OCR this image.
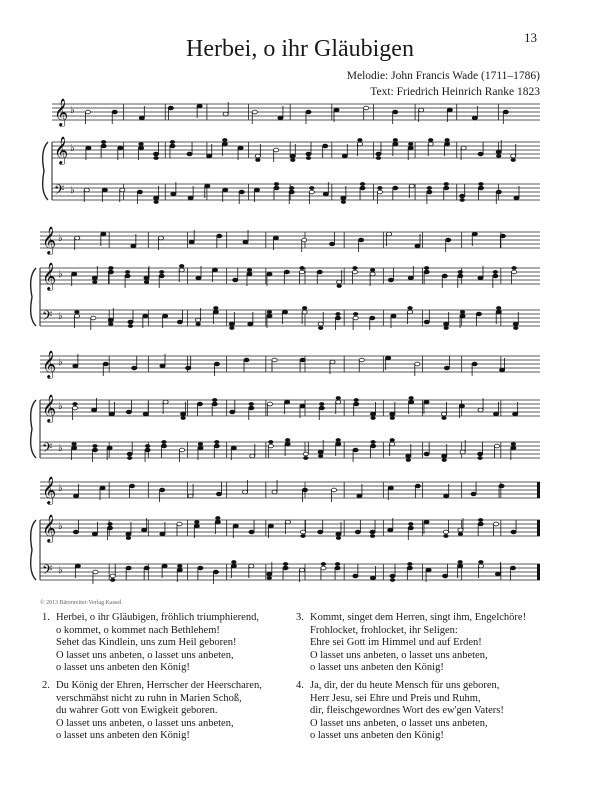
13
Herbei, o ihr Gläubigen
Melodie: John Francis Wade (1711–1786)
Text: Friedrich Heinrich Ranke 1823
𝄞 ♭
𝄞 ♭
𝄢 ♭
𝄞 ♭
𝄞 ♭
𝄢 ♭
𝄞 ♭
𝄞 ♭
𝄢 ♭
𝄞 ♭
𝄞 ♭
𝄢 ♭
© 2013 Bärenreiter-Verlag Kassel
1. Herbei, o ihr Gläubigen, fröhlich triumphierend,
o kommet, o kommet nach Bethlehem!
Sehet das Kindlein, uns zum Heil geboren!
O lasset uns anbeten, o lasset uns anbeten,
o lasset uns anbeten den König!
2. Du König der Ehren, Herrscher der Heerscharen,
verschmähst nicht zu ruhn in Marien Schoß,
du wahrer Gott von Ewigkeit geboren.
O lasset uns anbeten, o lasset uns anbeten,
o lasset uns anbeten den König!
3. Kommt, singet dem Herren, singt ihm, Engelchöre!
Frohlocket, frohlocket, ihr Seligen:
Ehre sei Gott im Himmel und auf Erden!
O lasset uns anbeten, o lasset uns anbeten,
o lasset uns anbeten den König!
4. Ja, dir, der du heute Mensch für uns geboren,
Herr Jesu, sei Ehre und Preis und Ruhm,
dir, fleischgewordnes Wort des ew'gen Vaters!
O lasset uns anbeten, o lasset uns anbeten,
o lasset uns anbeten den König!
